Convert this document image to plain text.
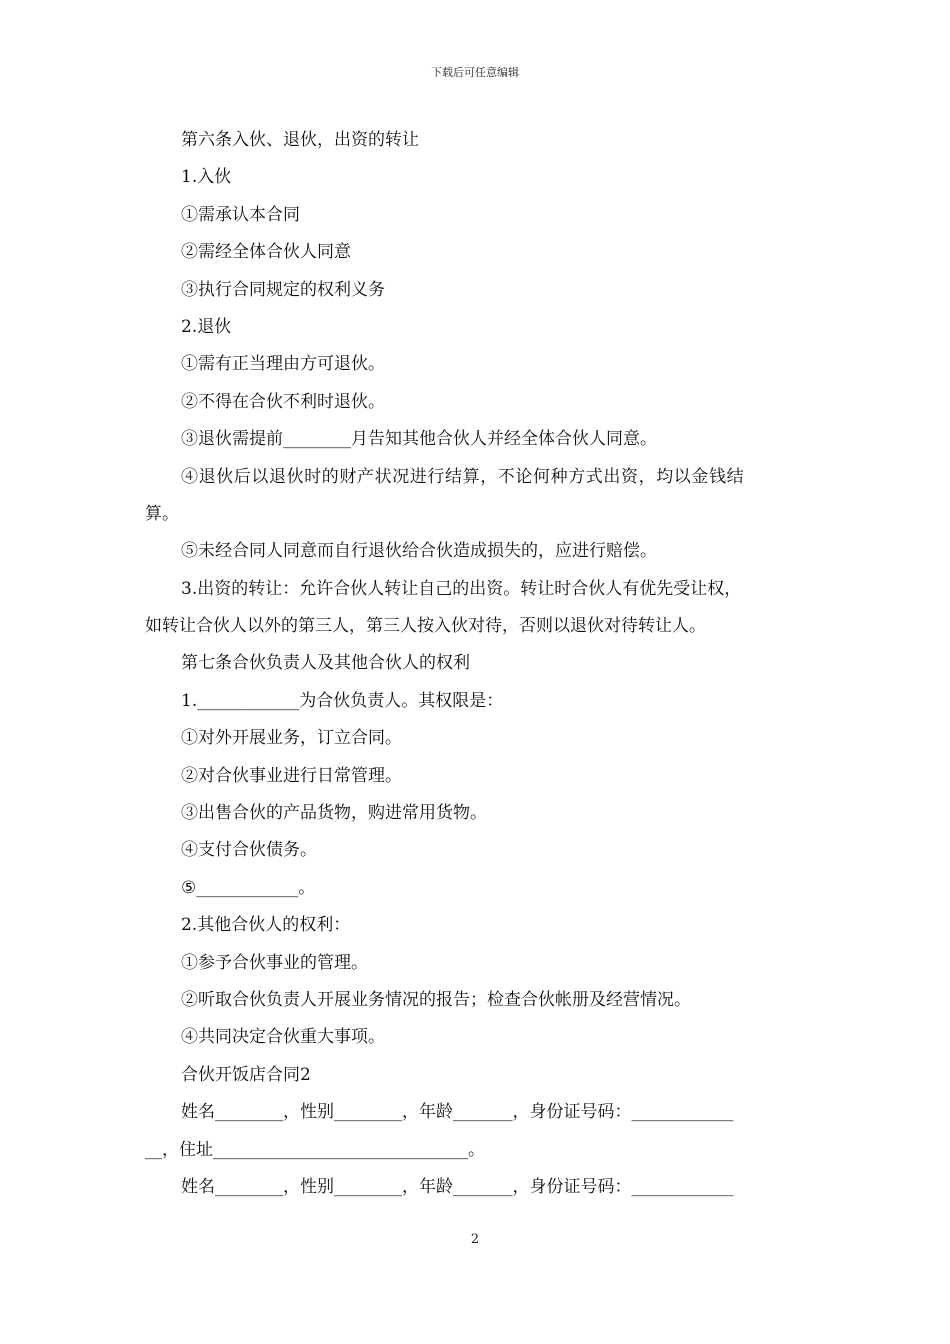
下载后可任意编辑
第六条入伙、退伙，出资的转让
1.入伙
①需承认本合同
②需经全体合伙人同意
③执行合同规定的权利义务
2.退伙
①需有正当理由方可退伙。
②不得在合伙不利时退伙。
③退伙需提前________月告知其他合伙人并经全体合伙人同意。
④退伙后以退伙时的财产状况进行结算，不论何种方式出资，均以金钱结
算。
⑤未经合同人同意而自行退伙给合伙造成损失的，应进行赔偿。
3.出资的转让：允许合伙人转让自己的出资。转让时合伙人有优先受让权，
如转让合伙人以外的第三人，第三人按入伙对待，否则以退伙对待转让人。
第七条合伙负责人及其他合伙人的权利
1.____________为合伙负责人。其权限是：
①对外开展业务，订立合同。
②对合伙事业进行日常管理。
③出售合伙的产品货物，购进常用货物。
④支付合伙债务。
⑤____________。
2.其他合伙人的权利：
①参予合伙事业的管理。
②听取合伙负责人开展业务情况的报告；检查合伙帐册及经营情况。
④共同决定合伙重大事项。
合伙开饭店合同2
姓名________，性别________，年龄_______，身份证号码：____________
__，住址______________________________。
姓名________，性别________，年龄_______，身份证号码：____________
2
